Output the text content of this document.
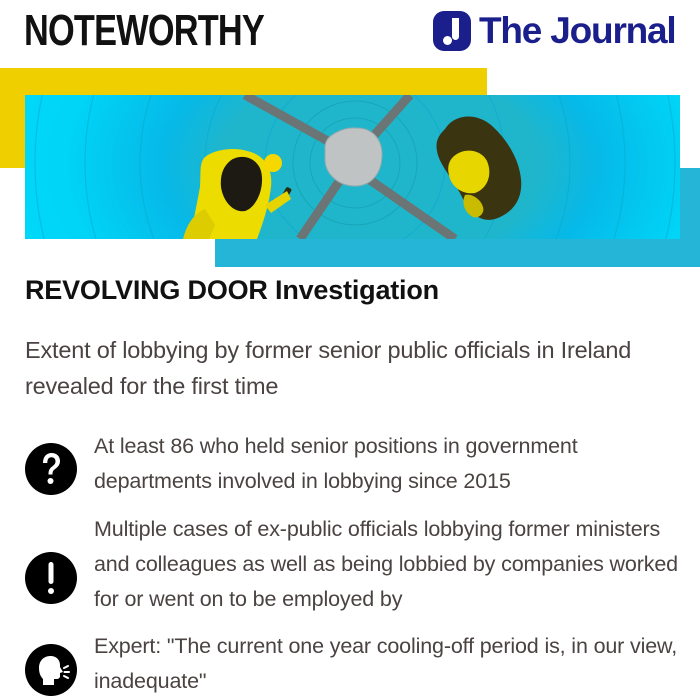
NOTEWORTHY	The Journal
REVOLVING DOOR Investigation
Extent of lobbying by former senior public officials in Ireland revealed for the first time
At least 86 who held senior positions in government departments involved in lobbying since 2015
Multiple cases of ex-public officials lobbying former ministers and colleagues as well as being lobbied by companies worked for or went on to be employed by
Expert: "The current one year cooling-off period is, in our view, inadequate"
